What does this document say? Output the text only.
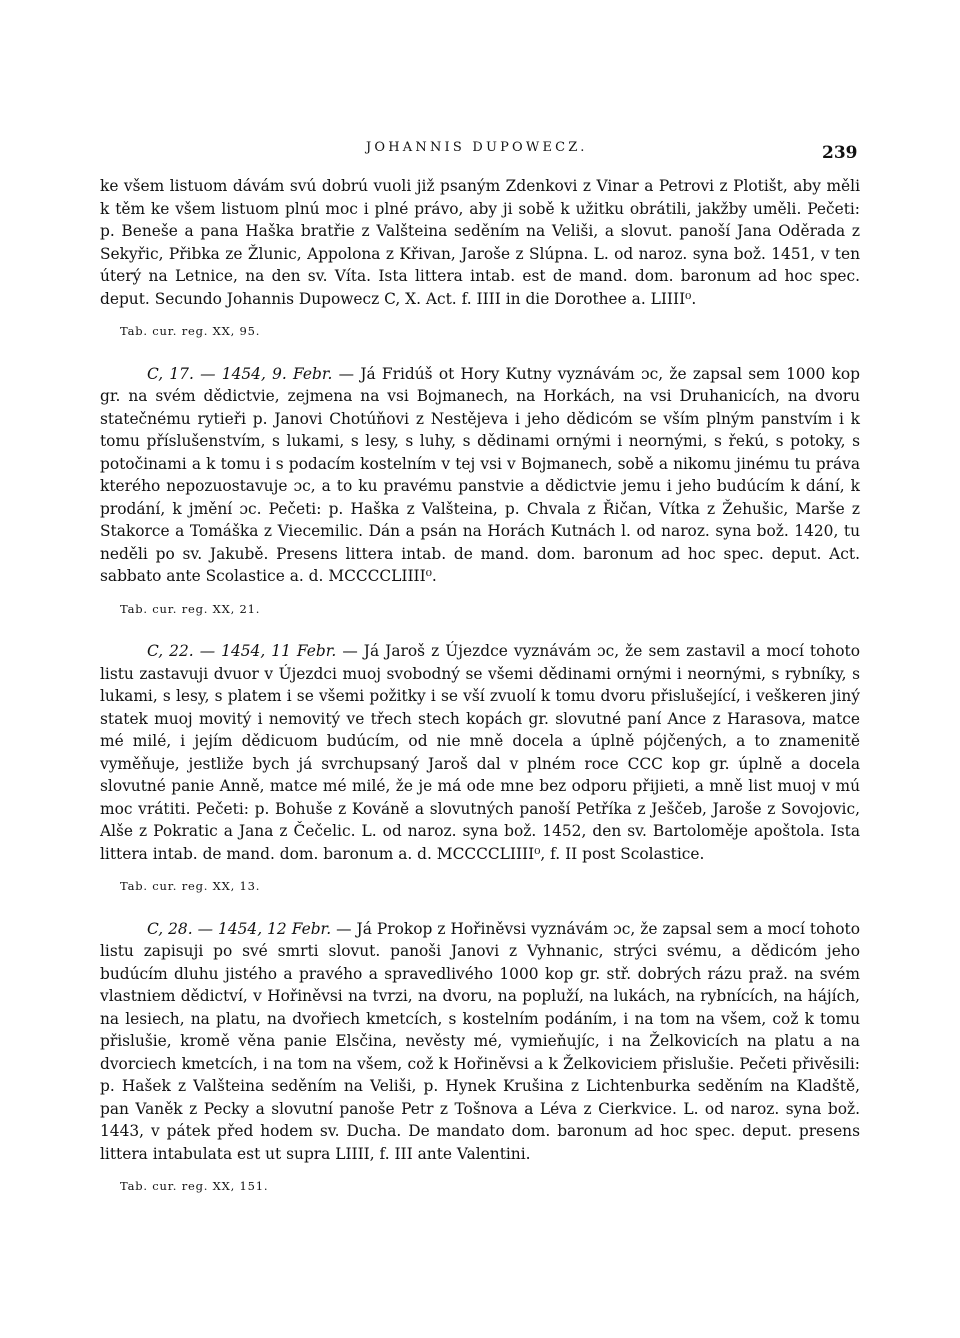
JOHANNIS DUPOWECZ.	239

ke všem listuom dávám svú dobrú vuoli již psaným Zdenkovi z Vinar a Petrovi z Plotišt, aby měli k těm ke všem listuom plnú moc i plné právo, aby ji sobě k užitku obrátili, jakžby uměli. Pečeti: p. Beneše a pana Haška bratřie z Valšteina seděním na Veliši, a slovut. panoší Jana Oděrada z Sekyřic, Přibka ze Žlunic, Appolona z Křivan, Jaroše z Slúpna. L. od naroz. syna bož. 1451, v ten úterý na Letnice, na den sv. Víta. Ista littera intab. est de mand. dom. baronum ad hoc spec. deput. Secundo Johannis Dupowecz C, X. Act. f. IIII in die Dorothee a. LIIII⁰.

Tab. cur. reg. XX, 95.

C, 17. — 1454, 9. Febr. — Já Fridúš ot Hory Kutny vyznávám ɔc, že zapsal sem 1000 kop gr. na svém dědictvie, zejmena na vsi Bojmanech, na Horkách, na vsi Druhanicích, na dvoru statečnému rytieři p. Janovi Chotúňovi z Nestějeva i jeho dědicóm se vším plným panstvím i k tomu příslušenstvím, s lukami, s lesy, s luhy, s dědinami ornými i neornými, s řekú, s potoky, s potočinami a k tomu i s podacím kostelním v tej vsi v Bojmanech, sobě a nikomu jinému tu práva kterého nepozuostavuje ɔc, a to ku pravému panstvie a dědictvie jemu i jeho budúcím k dání, k prodání, k jmění ɔc. Pečeti: p. Haška z Valšteina, p. Chvala z Řičan, Vítka z Žehušic, Marše z Stakorce a Tomáška z Viecemilic. Dán a psán na Horách Kutnách l. od naroz. syna bož. 1420, tu neděli po sv. Jakubě. Presens littera intab. de mand. dom. baronum ad hoc spec. deput. Act. sabbato ante Scolastice a. d. MCCCCLIIII⁰.

Tab. cur. reg. XX, 21.

C, 22. — 1454, 11 Febr. — Já Jaroš z Újezdce vyznávám ɔc, že sem zastavil a mocí tohoto listu zastavuji dvuor v Újezdci muoj svobodný se všemi dědinami ornými i neornými, s rybníky, s lukami, s lesy, s platem i se všemi požitky i se vší zvuolí k tomu dvoru přislušející, i veškeren jiný statek muoj movitý i nemovitý ve třech stech kopách gr. slovutné paní Ance z Harasova, matce mé milé, i jejím dědicuom budúcím, od nie mně docela a úplně pójčených, a to znamenitě vyměňuje, jestliže bych já svrchupsaný Jaroš dal v plném roce CCC kop gr. úplně a docela slovutné panie Anně, matce mé milé, že je má ode mne bez odporu přijieti, a mně list muoj v mú moc vrátiti. Pečeti: p. Bohuše z Kováně a slovutných panoší Petříka z Ješčeb, Jaroše z Sovojovic, Alše z Pokratic a Jana z Čečelic. L. od naroz. syna bož. 1452, den sv. Bartoloměje apoštola. Ista littera intab. de mand. dom. baronum a. d. MCCCCLIIII⁰, f. II post Scolastice.

Tab. cur. reg. XX, 13.

C, 28. — 1454, 12 Febr. — Já Prokop z Hořiněvsi vyznávám ɔc, že zapsal sem a mocí tohoto listu zapisuji po své smrti slovut. panoši Janovi z Vyhnanic, strýci svému, a dědicóm jeho budúcím dluhu jistého a pravého a spravedlivého 1000 kop gr. stř. dobrých rázu praž. na svém vlastniem dědictví, v Hořiněvsi na tvrzi, na dvoru, na popluží, na lukách, na rybnících, na hájích, na lesiech, na platu, na dvořiech kmetcích, s kostelním podáním, i na tom na všem, což k tomu přislušie, kromě věna panie Elsčina, nevěsty mé, vymieňujíc, i na Želkovicích na platu a na dvorciech kmetcích, i na tom na všem, což k Hořiněvsi a k Želkoviciem přislušie. Pečeti přivěsili: p. Hašek z Valšteina seděním na Veliši, p. Hynek Krušina z Lichtenburka seděním na Kladště, pan Vaněk z Pecky a slovutní panoše Petr z Tošnova a Léva z Cierkvice. L. od naroz. syna bož. 1443, v pátek před hodem sv. Ducha. De mandato dom. baronum ad hoc spec. deput. presens littera intabulata est ut supra LIIII, f. III ante Valentini.

Tab. cur. reg. XX, 151.
